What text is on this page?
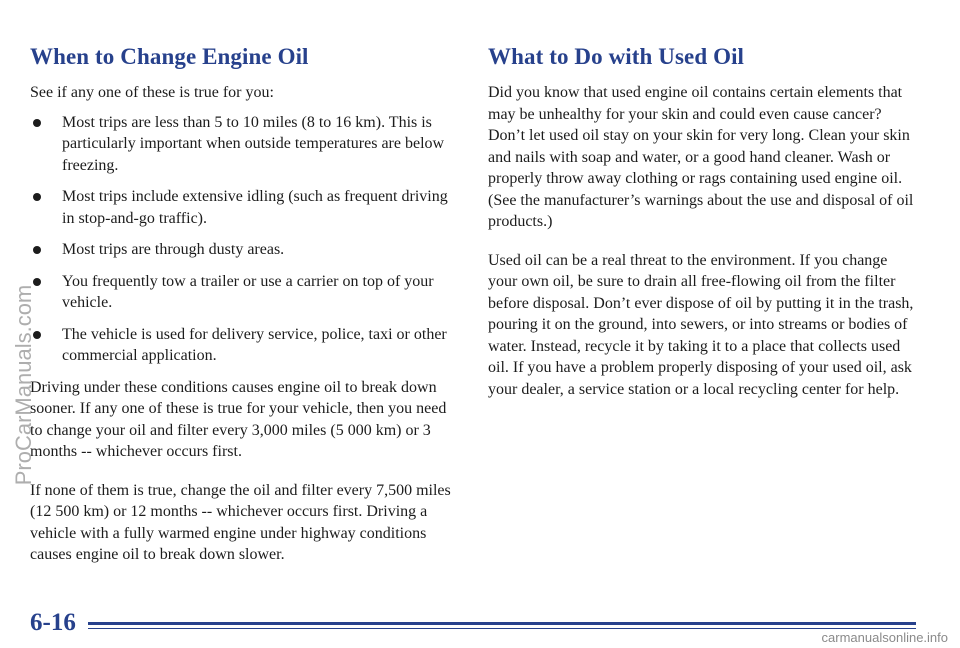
When to Change Engine Oil

See if any one of these is true for you:

Most trips are less than 5 to 10 miles (8 to 16 km). This is particularly important when outside temperatures are below freezing.
Most trips include extensive idling (such as frequent driving in stop-and-go traffic).
Most trips are through dusty areas.
You frequently tow a trailer or use a carrier on top of your vehicle.
The vehicle is used for delivery service, police, taxi or other commercial application.

Driving under these conditions causes engine oil to break down sooner. If any one of these is true for your vehicle, then you need to change your oil and filter every 3,000 miles (5 000 km) or 3 months -- whichever occurs first.

If none of them is true, change the oil and filter every 7,500 miles (12 500 km) or 12 months -- whichever occurs first. Driving a vehicle with a fully warmed engine under highway conditions causes engine oil to break down slower.

What to Do with Used Oil

Did you know that used engine oil contains certain elements that may be unhealthy for your skin and could even cause cancer? Don’t let used oil stay on your skin for very long. Clean your skin and nails with soap and water, or a good hand cleaner. Wash or properly throw away clothing or rags containing used engine oil. (See the manufacturer’s warnings about the use and disposal of oil products.)

Used oil can be a real threat to the environment. If you change your own oil, be sure to drain all free-flowing oil from the filter before disposal. Don’t ever dispose of oil by putting it in the trash, pouring it on the ground, into sewers, or into streams or bodies of water. Instead, recycle it by taking it to a place that collects used oil. If you have a problem properly disposing of your used oil, ask your dealer, a service station or a local recycling center for help.

ProCarManuals.com

6-16

carmanualsonline.info
